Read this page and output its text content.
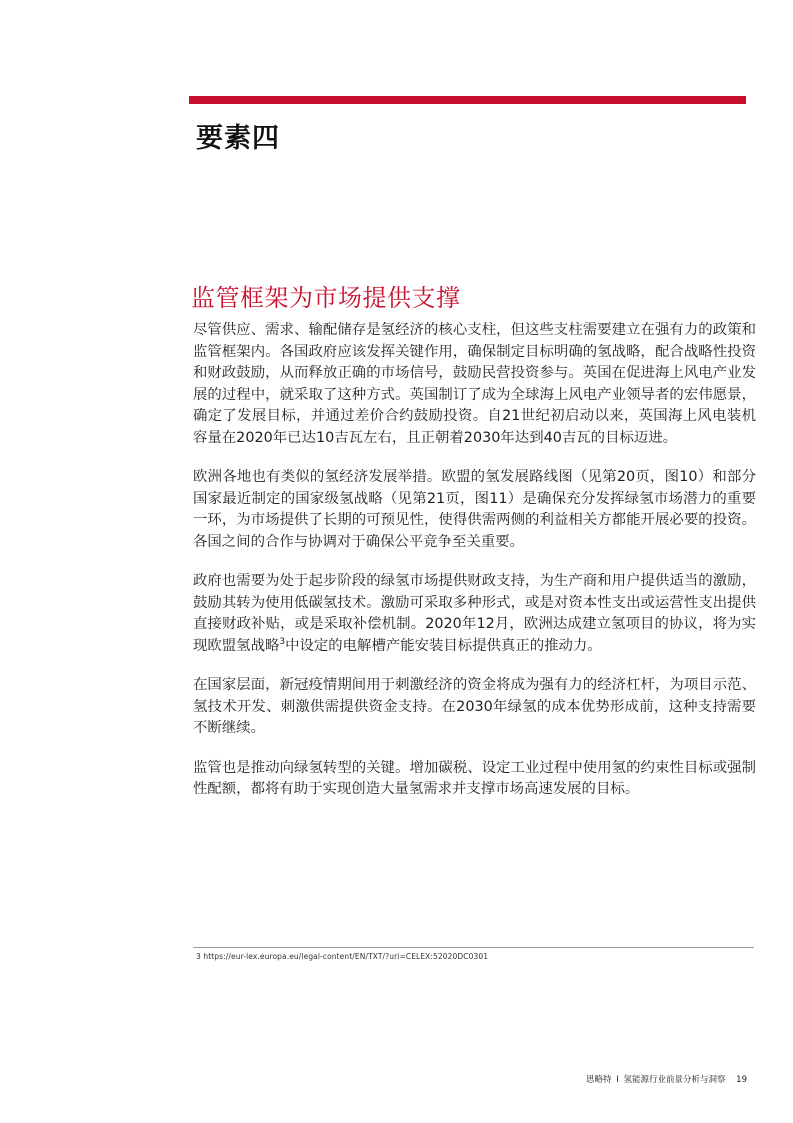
要素四
监管框架为市场提供支撑

尽管供应、需求、输配储存是氢经济的核心支柱，但这些支柱需要建立在强有力的政策和监管框架内。各国政府应该发挥关键作用，确保制定目标明确的氢战略，配合战略性投资和财政鼓励，从而释放正确的市场信号，鼓励民营投资参与。英国在促进海上风电产业发展的过程中，就采取了这种方式。英国制订了成为全球海上风电产业领导者的宏伟愿景，确定了发展目标，并通过差价合约鼓励投资。自21世纪初启动以来，英国海上风电装机容量在2020年已达10吉瓦左右，且正朝着2030年达到40吉瓦的目标迈进。

欧洲各地也有类似的氢经济发展举措。欧盟的氢发展路线图（见第20页，图10）和部分国家最近制定的国家级氢战略（见第21页，图11）是确保充分发挥绿氢市场潜力的重要一环，为市场提供了长期的可预见性，使得供需两侧的利益相关方都能开展必要的投资。各国之间的合作与协调对于确保公平竞争至关重要。

政府也需要为处于起步阶段的绿氢市场提供财政支持，为生产商和用户提供适当的激励，鼓励其转为使用低碳氢技术。激励可采取多种形式，或是对资本性支出或运营性支出提供直接财政补贴，或是采取补偿机制。2020年12月，欧洲达成建立氢项目的协议，将为实现欧盟氢战略$^3$中设定的电解槽产能安装目标提供真正的推动力。

在国家层面，新冠疫情期间用于刺激经济的资金将成为强有力的经济杠杆，为项目示范、氢技术开发、刺激供需提供资金支持。在2030年绿氢的成本优势形成前，这种支持需要不断继续。

监管也是推动向绿氢转型的关键。增加碳税、设定工业过程中使用氢的约束性目标或强制性配额，都将有助于实现创造大量氢需求并支撑市场高速发展的目标。

3 https://eur-lex.europa.eu/legal-content/EN/TXT/?uri=CELEX:52020DC0301
思略特 I 氢能源行业前景分析与洞察 19
